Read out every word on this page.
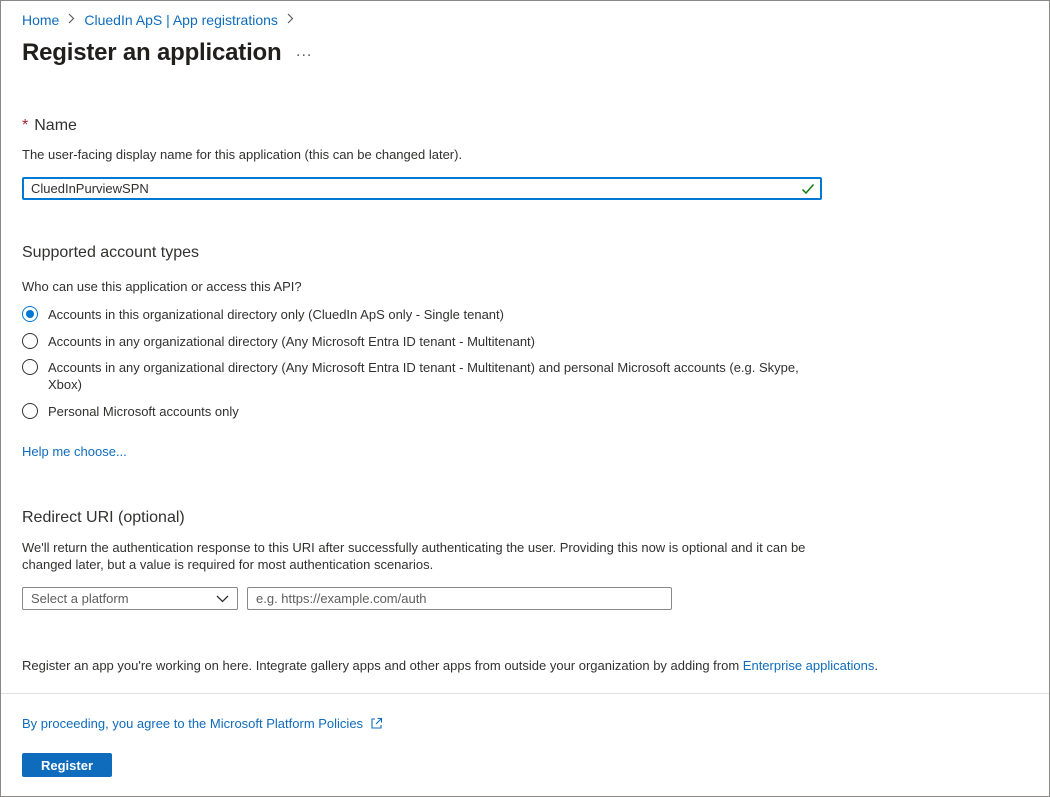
Home CluedIn ApS | App registrations
Register an application ...
* Name
The user-facing display name for this application (this can be changed later).
CluedInPurviewSPN
Supported account types
Who can use this application or access this API?
Accounts in this organizational directory only (CluedIn ApS only - Single tenant)
Accounts in any organizational directory (Any Microsoft Entra ID tenant - Multitenant)
Accounts in any organizational directory (Any Microsoft Entra ID tenant - Multitenant) and personal Microsoft accounts (e.g. Skype, Xbox)
Personal Microsoft accounts only
Help me choose...
Redirect URI (optional)
We'll return the authentication response to this URI after successfully authenticating the user. Providing this now is optional and it can be changed later, but a value is required for most authentication scenarios.
Select a platform	e.g. https://example.com/auth
Register an app you're working on here. Integrate gallery apps and other apps from outside your organization by adding from Enterprise applications.
By proceeding, you agree to the Microsoft Platform Policies
Register
